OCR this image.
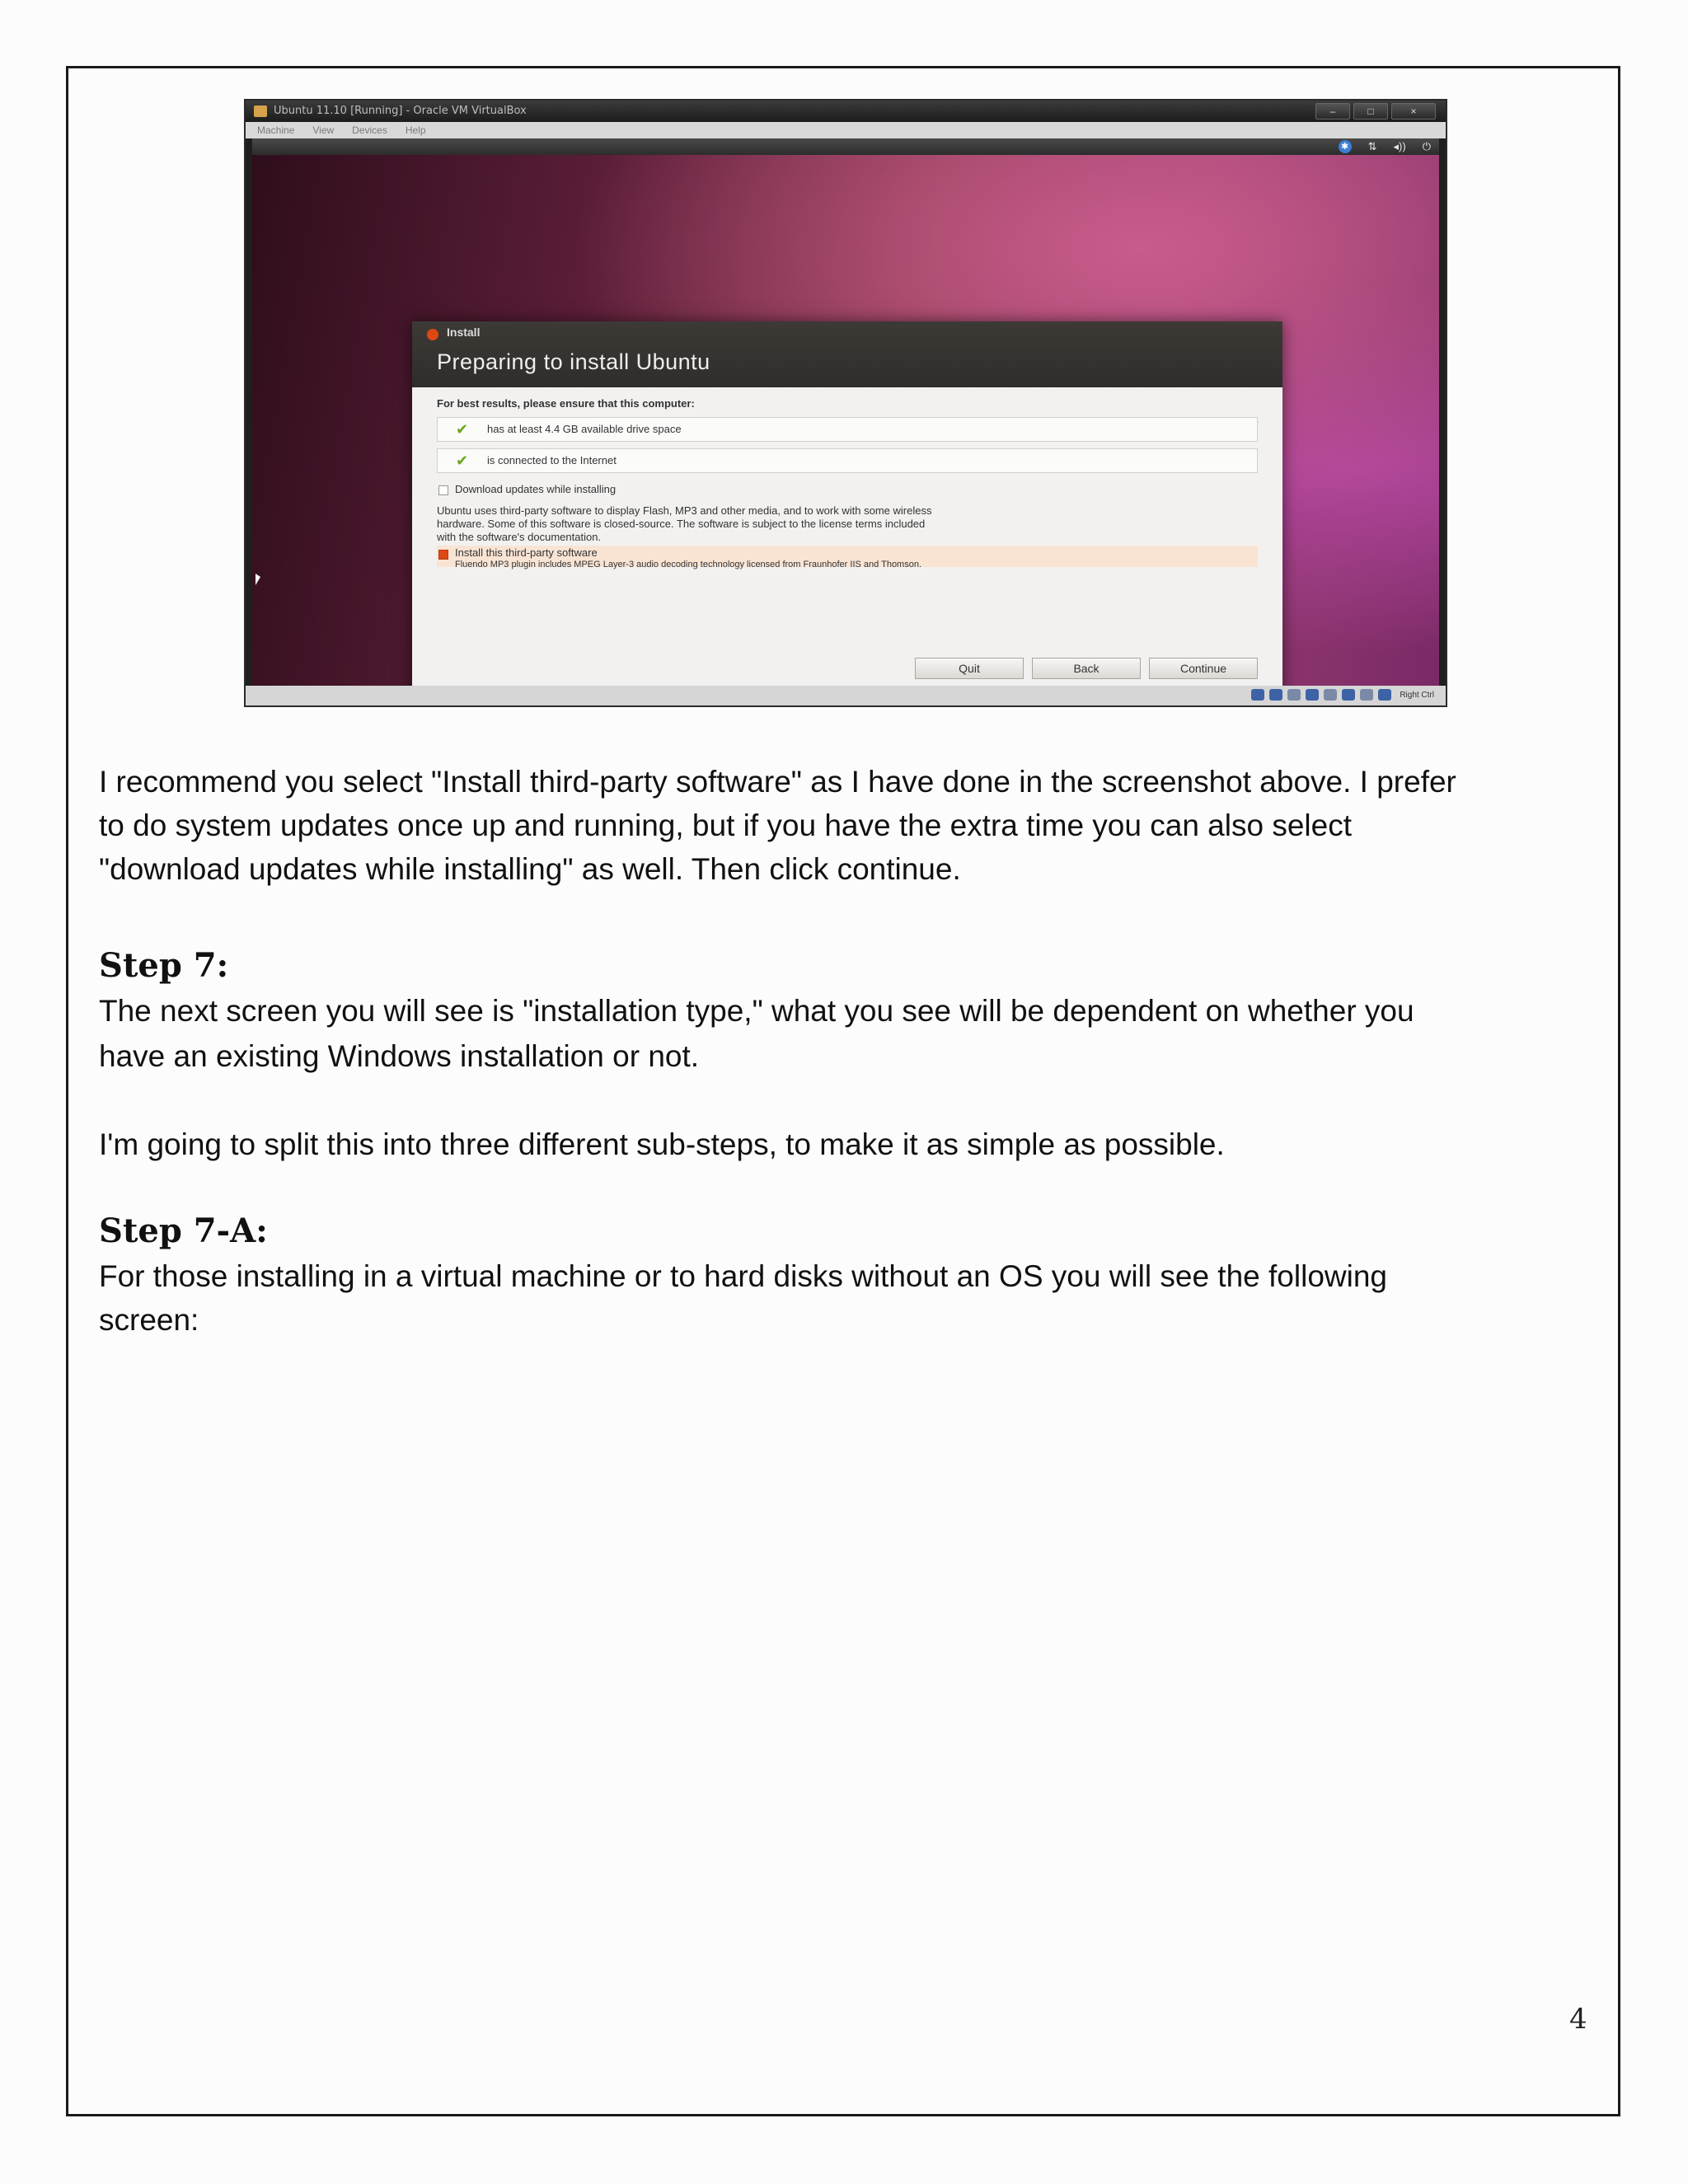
Ubuntu 11.10 [Running] - Oracle VM VirtualBox	–	□	×
Machine View Devices Help
✱ ⇅ ◂)) ⏻
Install
Preparing to install Ubuntu
For best results, please ensure that this computer:
✔ has at least 4.4 GB available drive space
✔ is connected to the Internet
Download updates while installing
Ubuntu uses third-party software to display Flash, MP3 and other media, and to work with some wireless
hardware. Some of this software is closed-source. The software is subject to the license terms included
with the software's documentation.
Install this third-party software
Fluendo MP3 plugin includes MPEG Layer-3 audio decoding technology licensed from Fraunhofer IIS and Thomson.
Quit	Back	Continue
Right Ctrl
I recommend you select "Install third-party software" as I have done in the screenshot above. I prefer
to do system updates once up and running, but if you have the extra time you can also select
"download updates while installing" as well. Then click continue.
Step 7:
The next screen you will see is "installation type," what you see will be dependent on whether you
have an existing Windows installation or not.
I'm going to split this into three different sub-steps, to make it as simple as possible.
Step 7-A:
For those installing in a virtual machine or to hard disks without an OS you will see the following
screen:
4
